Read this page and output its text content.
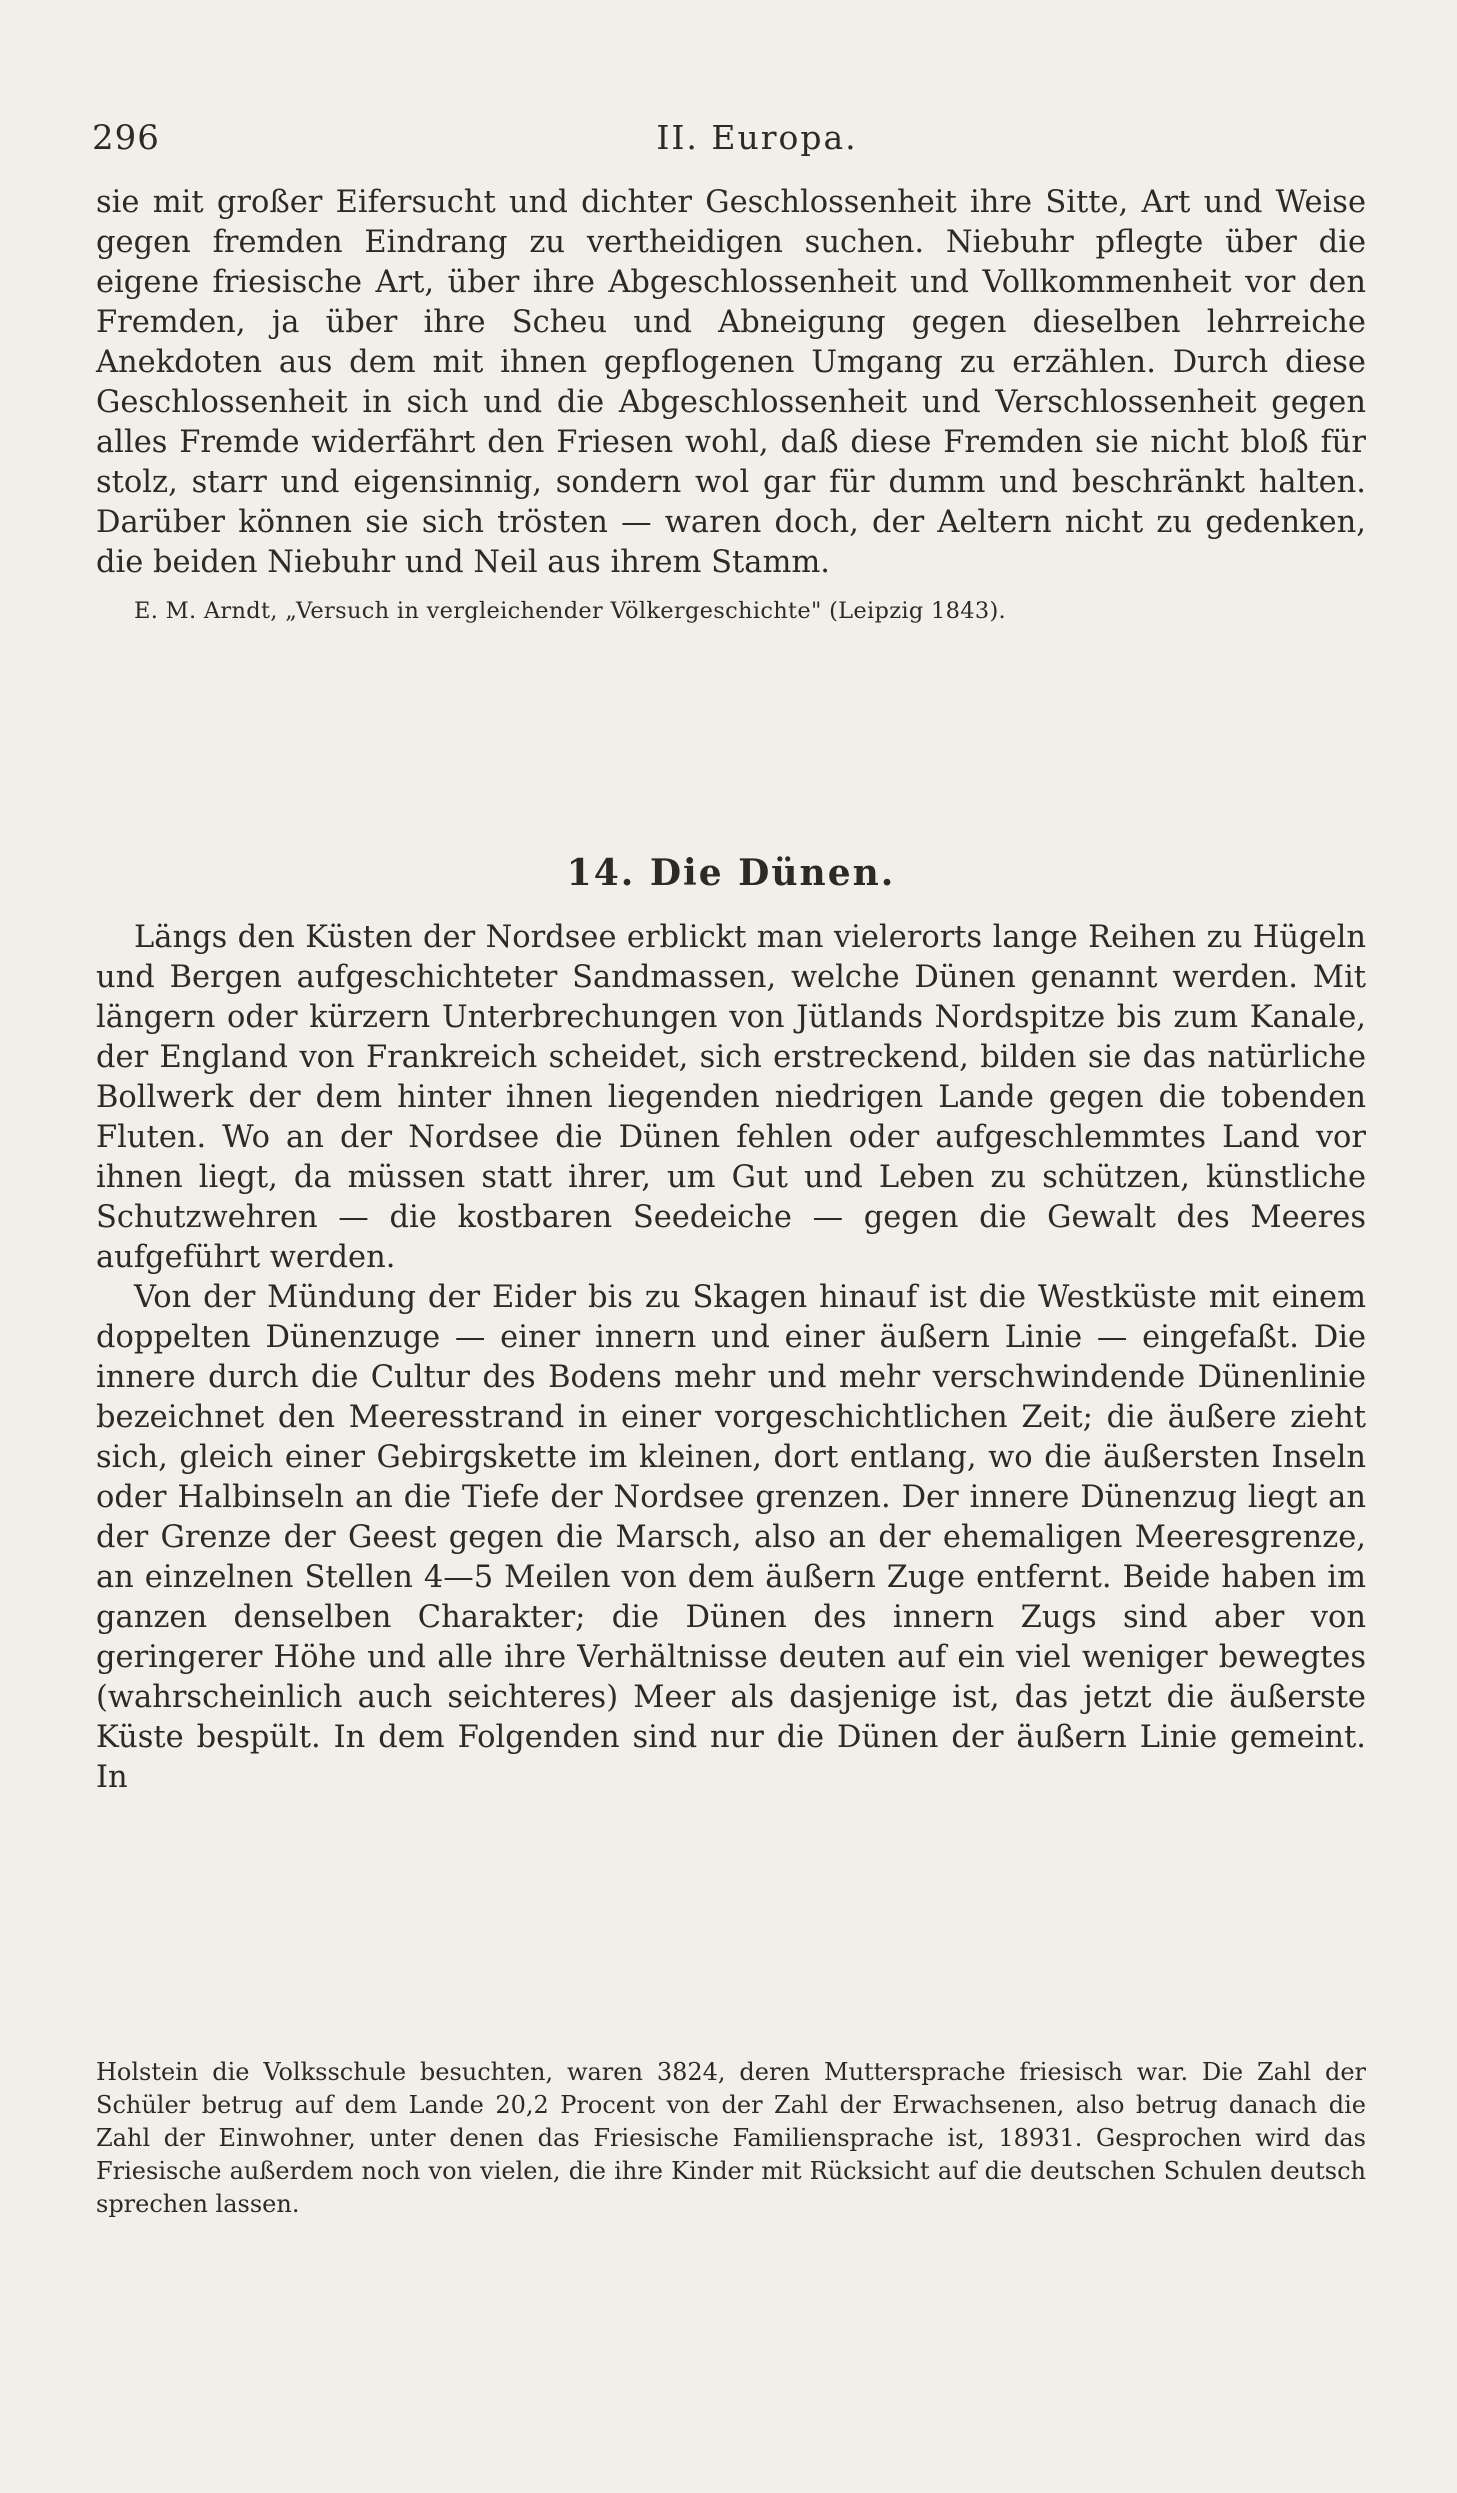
296	II. Europa.

sie mit großer Eifersucht und dichter Geschlossenheit ihre Sitte, Art und Weise gegen fremden Eindrang zu vertheidigen suchen. Niebuhr pflegte über die eigene friesische Art, über ihre Abgeschlossenheit und Vollkommenheit vor den Fremden, ja über ihre Scheu und Abneigung gegen dieselben lehrreiche Anekdoten aus dem mit ihnen gepflogenen Umgang zu erzählen. Durch diese Geschlossenheit in sich und die Abgeschlossenheit und Verschlossenheit gegen alles Fremde widerfährt den Friesen wohl, daß diese Fremden sie nicht bloß für stolz, starr und eigensinnig, sondern wol gar für dumm und beschränkt halten. Darüber können sie sich trösten — waren doch, der Aeltern nicht zu gedenken, die beiden Niebuhr und Neil aus ihrem Stamm.

E. M. Arndt, „Versuch in vergleichender Völkergeschichte" (Leipzig 1843).

14. Die Dünen.

Längs den Küsten der Nordsee erblickt man vielerorts lange Reihen zu Hügeln und Bergen aufgeschichteter Sandmassen, welche Dünen genannt werden. Mit längern oder kürzern Unterbrechungen von Jütlands Nordspitze bis zum Kanale, der England von Frankreich scheidet, sich erstreckend, bilden sie das natürliche Bollwerk der dem hinter ihnen liegenden niedrigen Lande gegen die tobenden Fluten. Wo an der Nordsee die Dünen fehlen oder aufgeschlemmtes Land vor ihnen liegt, da müssen statt ihrer, um Gut und Leben zu schützen, künstliche Schutzwehren — die kostbaren Seedeiche — gegen die Gewalt des Meeres aufgeführt werden.

Von der Mündung der Eider bis zu Skagen hinauf ist die Westküste mit einem doppelten Dünenzuge — einer innern und einer äußern Linie — eingefaßt. Die innere durch die Cultur des Bodens mehr und mehr verschwindende Dünenlinie bezeichnet den Meeresstrand in einer vorgeschichtlichen Zeit; die äußere zieht sich, gleich einer Gebirgskette im kleinen, dort entlang, wo die äußersten Inseln oder Halbinseln an die Tiefe der Nordsee grenzen. Der innere Dünenzug liegt an der Grenze der Geest gegen die Marsch, also an der ehemaligen Meeresgrenze, an einzelnen Stellen 4—5 Meilen von dem äußern Zuge entfernt. Beide haben im ganzen denselben Charakter; die Dünen des innern Zugs sind aber von geringerer Höhe und alle ihre Verhältnisse deuten auf ein viel weniger bewegtes (wahrscheinlich auch seichteres) Meer als dasjenige ist, das jetzt die äußerste Küste bespült. In dem Folgenden sind nur die Dünen der äußern Linie gemeint. In

Holstein die Volksschule besuchten, waren 3824, deren Muttersprache friesisch war. Die Zahl der Schüler betrug auf dem Lande 20,2 Procent von der Zahl der Erwachsenen, also betrug danach die Zahl der Einwohner, unter denen das Friesische Familiensprache ist, 18931. Gesprochen wird das Friesische außerdem noch von vielen, die ihre Kinder mit Rücksicht auf die deutschen Schulen deutsch sprechen lassen.
